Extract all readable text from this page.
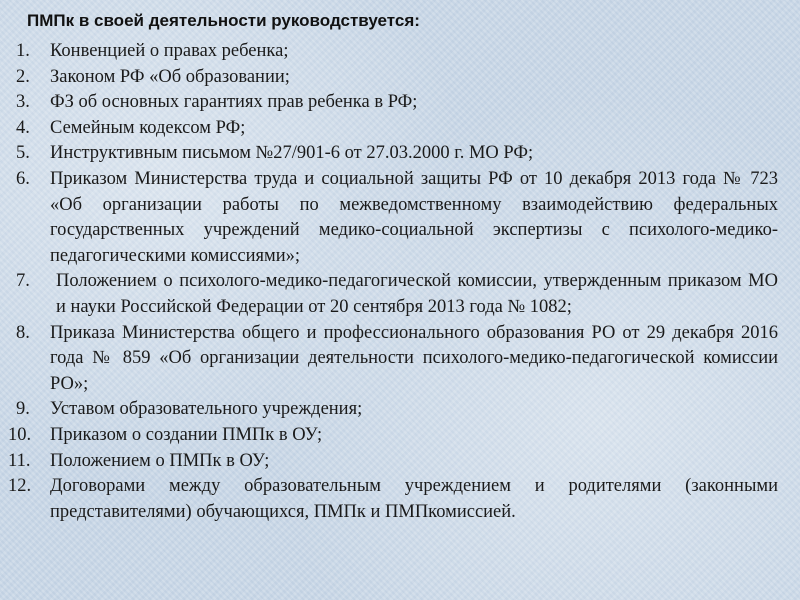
ПМПк в своей деятельности руководствуется:
1.	Конвенцией о правах ребенка;
2.	Законом РФ «Об образовании;
3.	ФЗ об основных гарантиях прав ребенка в РФ;
4.	Семейным кодексом РФ;
5.	Инструктивным письмом №27/901-6 от 27.03.2000 г. МО РФ;
6.	Приказом Министерства труда и социальной защиты РФ от 10 декабря 2013 года № 723 «Об организации работы по межведомственному взаимодействию федеральных государственных учреждений медико-социальной экспертизы с психолого-медико-педагогическими комиссиями»;
7.	Положением о психолого-медико-педагогической комиссии, утвержденным приказом МО и науки Российской Федерации от 20 сентября 2013 года № 1082;
8.	Приказа Министерства общего и профессионального образования РО от 29 декабря 2016 года № 859 «Об организации деятельности психолого-медико-педагогической комиссии РО»;
9.	Уставом образовательного учреждения;
10.	Приказом о создании ПМПк в ОУ;
11.	Положением о ПМПк в ОУ;
12.	Договорами между образовательным учреждением и родителями (законными представителями) обучающихся, ПМПк и ПМПкомиссией.
